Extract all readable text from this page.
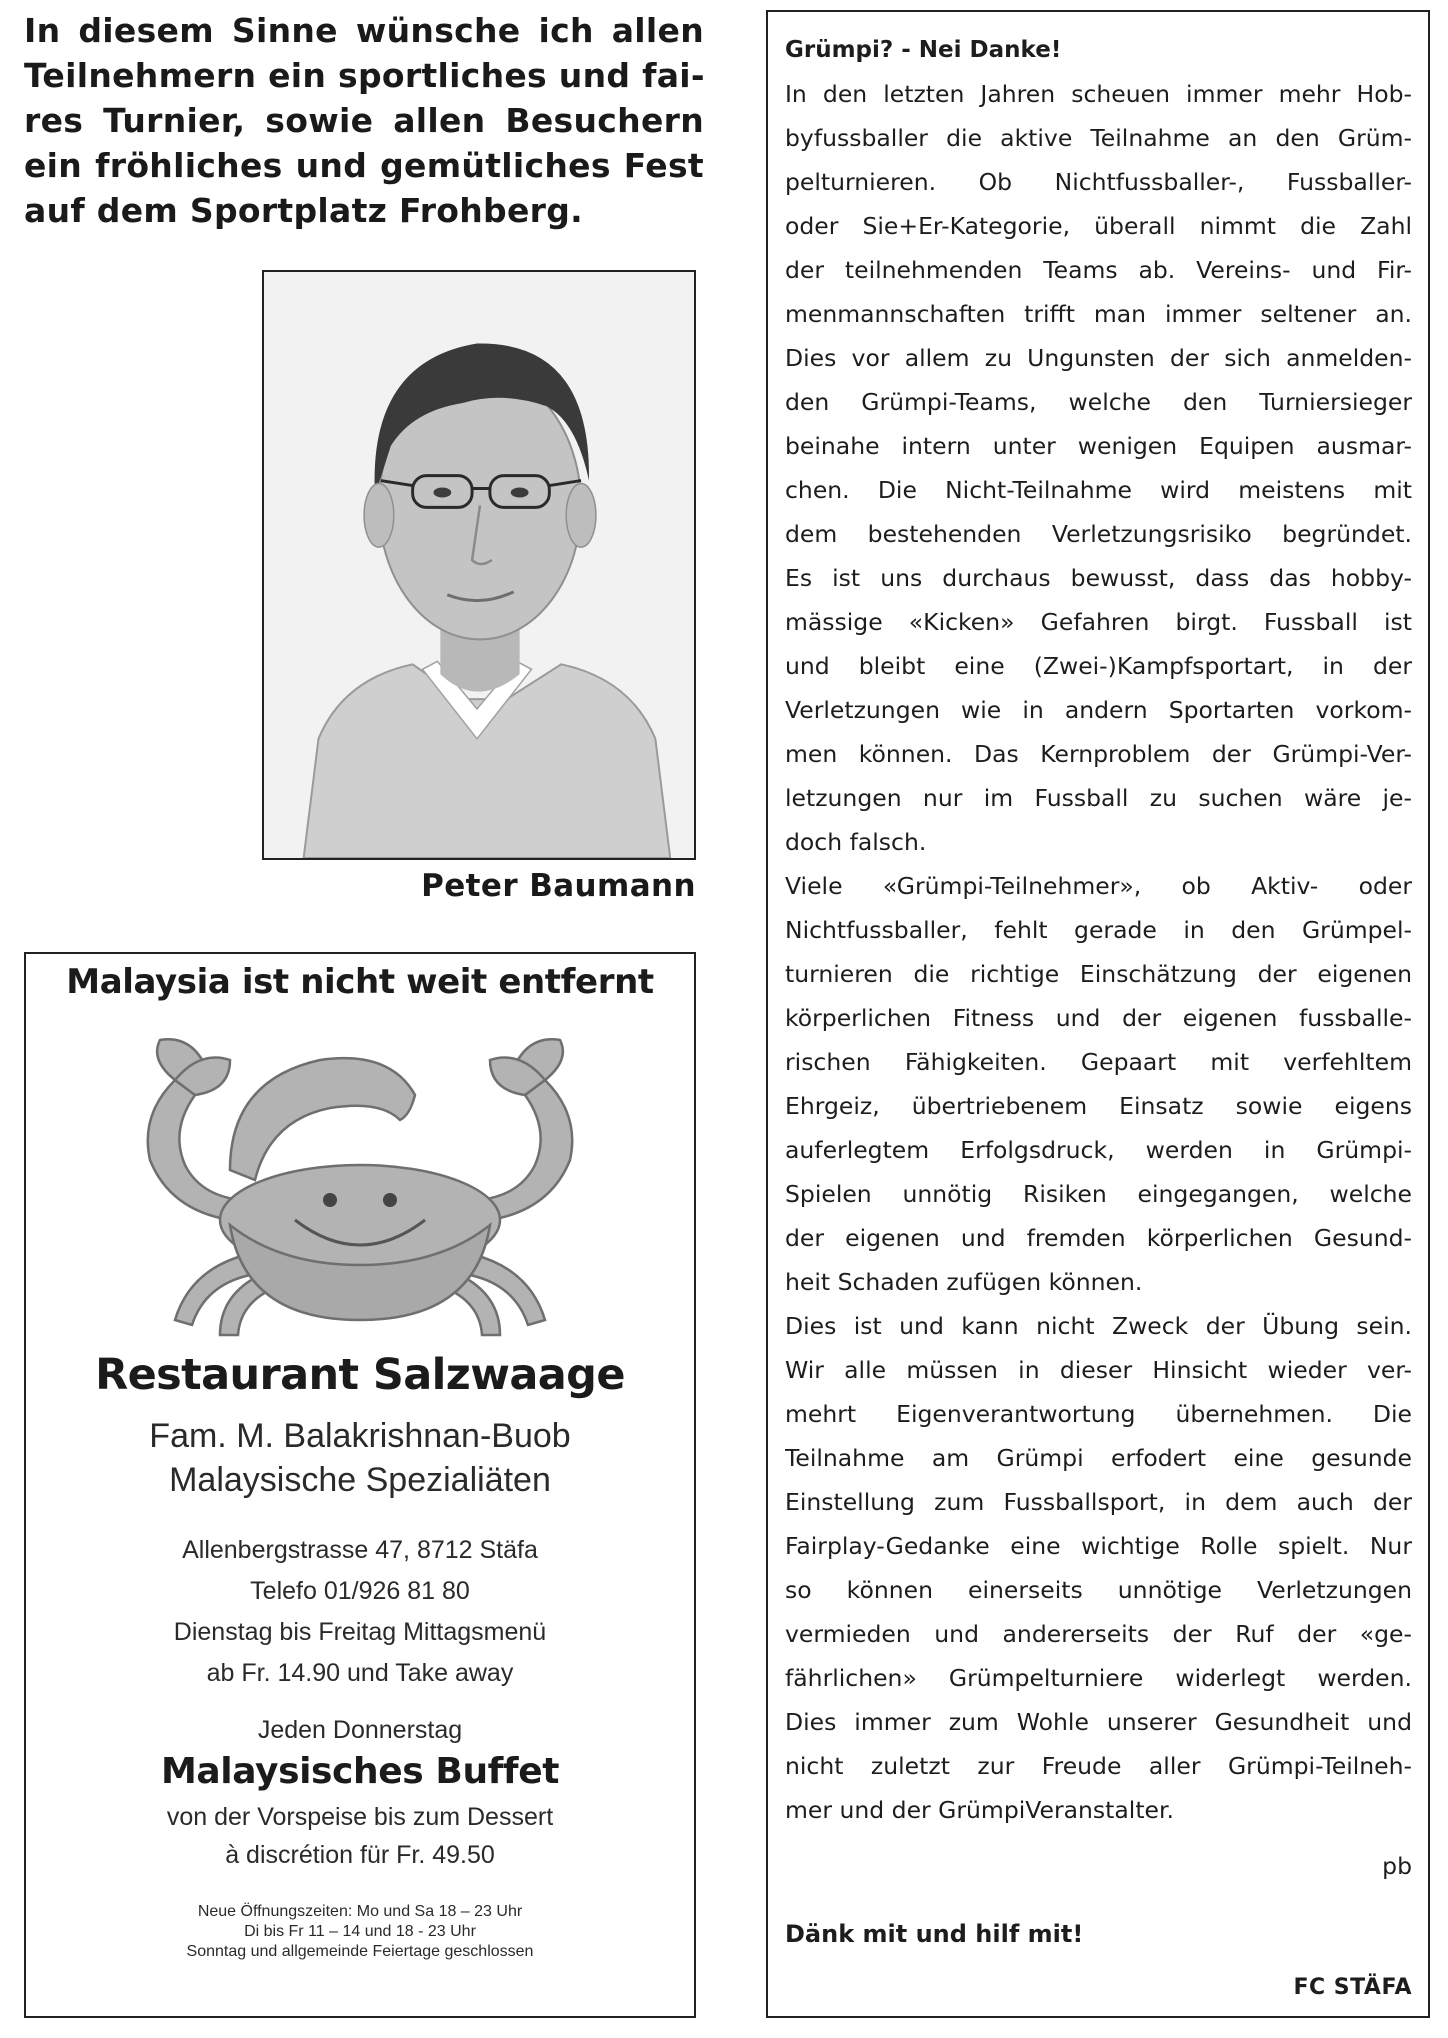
In diesem Sinne wünsche ich allen
Teilnehmern ein sportliches und fai-
res Turnier, sowie allen Besuchern
ein fröhliches und gemütliches Fest
auf dem Sportplatz Frohberg.
Peter Baumann
Malaysia ist nicht weit entfernt
Restaurant Salzwaage
Fam. M. Balakrishnan-Buob
Malaysische Spezialiäten
Allenbergstrasse 47, 8712 Stäfa
Telefo 01/926 81 80
Dienstag bis Freitag Mittagsmenü
ab Fr. 14.90 und Take away
Jeden Donnerstag
Malaysisches Buffet
von der Vorspeise bis zum Dessert
à discrétion für Fr. 49.50
Neue Öffnungszeiten: Mo und Sa 18 – 23 Uhr
Di bis Fr 11 – 14 und 18 - 23 Uhr
Sonntag und allgemeinde Feiertage geschlossen
Grümpi? - Nei Danke!
In den letzten Jahren scheuen immer mehr Hob-
byfussballer die aktive Teilnahme an den Grüm-
pelturnieren. Ob Nichtfussballer-, Fussballer-
oder Sie+Er-Kategorie, überall nimmt die Zahl
der teilnehmenden Teams ab. Vereins- und Fir-
menmannschaften trifft man immer seltener an.
Dies vor allem zu Ungunsten der sich anmelden-
den Grümpi-Teams, welche den Turniersieger
beinahe intern unter wenigen Equipen ausmar-
chen. Die Nicht-Teilnahme wird meistens mit
dem bestehenden Verletzungsrisiko begründet.
Es ist uns durchaus bewusst, dass das hobby-
mässige «Kicken» Gefahren birgt. Fussball ist
und bleibt eine (Zwei-)Kampfsportart, in der
Verletzungen wie in andern Sportarten vorkom-
men können. Das Kernproblem der Grümpi-Ver-
letzungen nur im Fussball zu suchen wäre je-
doch falsch.
Viele «Grümpi-Teilnehmer», ob Aktiv- oder
Nichtfussballer, fehlt gerade in den Grümpel-
turnieren die richtige Einschätzung der eigenen
körperlichen Fitness und der eigenen fussballe-
rischen Fähigkeiten. Gepaart mit verfehltem
Ehrgeiz, übertriebenem Einsatz sowie eigens
auferlegtem Erfolgsdruck, werden in Grümpi-
Spielen unnötig Risiken eingegangen, welche
der eigenen und fremden körperlichen Gesund-
heit Schaden zufügen können.
Dies ist und kann nicht Zweck der Übung sein.
Wir alle müssen in dieser Hinsicht wieder ver-
mehrt Eigenverantwortung übernehmen. Die
Teilnahme am Grümpi erfodert eine gesunde
Einstellung zum Fussballsport, in dem auch der
Fairplay-Gedanke eine wichtige Rolle spielt. Nur
so können einerseits unnötige Verletzungen
vermieden und andererseits der Ruf der «ge-
fährlichen» Grümpelturniere widerlegt werden.
Dies immer zum Wohle unserer Gesundheit und
nicht zuletzt zur Freude aller Grümpi-Teilneh-
mer und der GrümpiVeranstalter.
pb
Dänk mit und hilf mit!
FC STÄFA
